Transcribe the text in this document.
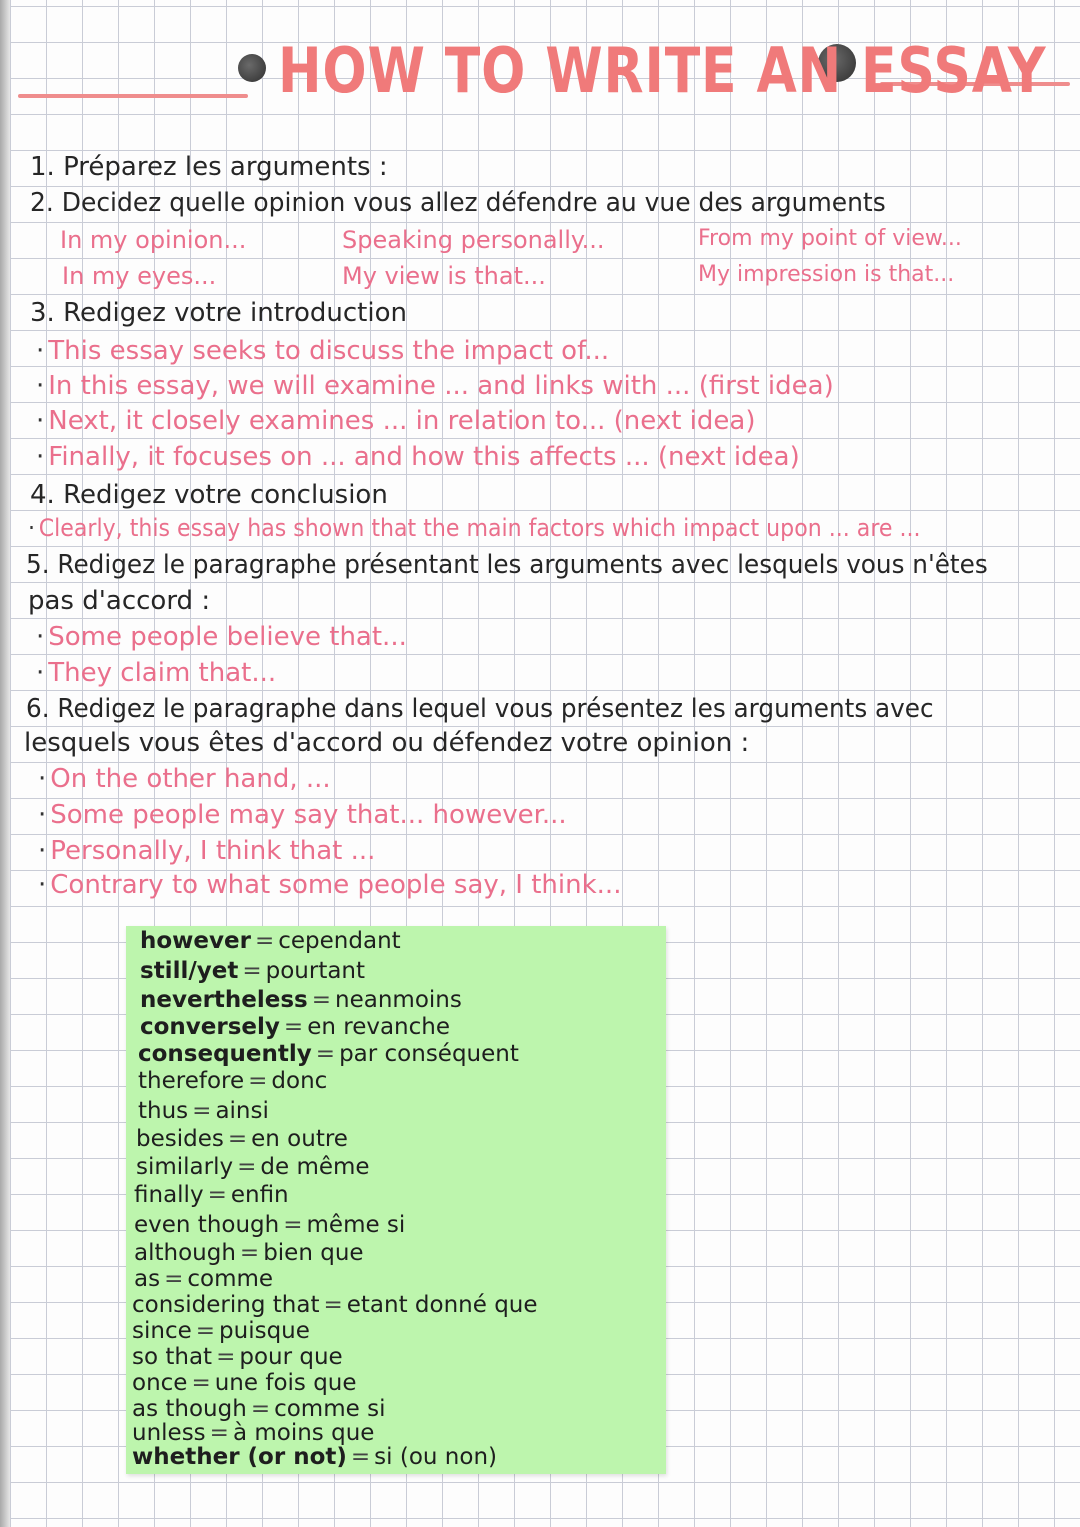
HOW TO WRITE AN ESSAY
1. Préparez les arguments :
2. Decidez quelle opinion vous allez défendre au vue des arguments
In my opinion...	Speaking personally...	From my point of view...
In my eyes...	My view is that...	My impression is that...
3. Redigez votre introduction
· This essay seeks to discuss the impact of...
· In this essay, we will examine ... and links with ... (first idea)
· Next, it closely examines ... in relation to... (next idea)
· Finally, it focuses on ... and how this affects ... (next idea)
4. Redigez votre conclusion
· Clearly, this essay has shown that the main factors which impact upon ... are ...
5. Redigez le paragraphe présentant les arguments avec lesquels vous n'êtes
pas d'accord :
· Some people believe that...
· They claim that...
6. Redigez le paragraphe dans lequel vous présentez les arguments avec
lesquels vous êtes d'accord ou défendez votre opinion :
· On the other hand, ...
· Some people may say that... however...
· Personally, I think that ...
· Contrary to what some people say, I think...
however = cependant
still/yet = pourtant
nevertheless = neanmoins
conversely = en revanche
consequently = par conséquent
therefore = donc
thus = ainsi
besides = en outre
similarly = de même
finally = enfin
even though = même si
although = bien que
as = comme
considering that = etant donné que
since = puisque
so that = pour que
once = une fois que
as though = comme si
unless = à moins que
whether (or not) = si (ou non)
